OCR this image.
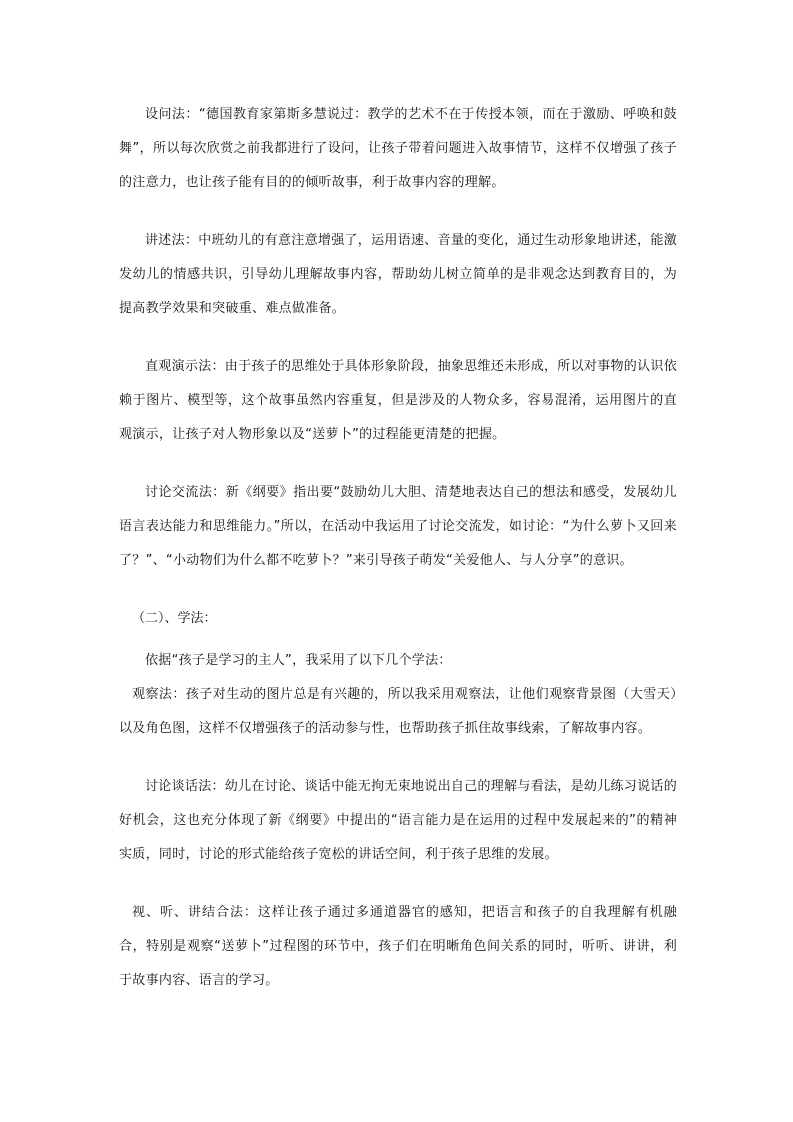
设问法：“德国教育家第斯多慧说过：教学的艺术不在于传授本领，而在于激励、呼唤和鼓舞”，所以每次欣赏之前我都进行了设问，让孩子带着问题进入故事情节，这样不仅增强了孩子的注意力，也让孩子能有目的的倾听故事，利于故事内容的理解。

讲述法：中班幼儿的有意注意增强了，运用语速、音量的变化，通过生动形象地讲述，能激发幼儿的情感共识，引导幼儿理解故事内容，帮助幼儿树立简单的是非观念达到教育目的，为提高教学效果和突破重、难点做准备。

直观演示法：由于孩子的思维处于具体形象阶段，抽象思维还未形成，所以对事物的认识依赖于图片、模型等，这个故事虽然内容重复，但是涉及的人物众多，容易混淆，运用图片的直观演示，让孩子对人物形象以及“送萝卜”的过程能更清楚的把握。

讨论交流法：新《纲要》指出要“鼓励幼儿大胆、清楚地表达自己的想法和感受，发展幼儿语言表达能力和思维能力。”所以，在活动中我运用了讨论交流发，如讨论：“为什么萝卜又回来了？”、“小动物们为什么都不吃萝卜？”来引导孩子萌发“关爱他人、与人分享”的意识。

（二）、学法：

依据“孩子是学习的主人”，我采用了以下几个学法：

观察法：孩子对生动的图片总是有兴趣的，所以我采用观察法，让他们观察背景图（大雪天）以及角色图，这样不仅增强孩子的活动参与性，也帮助孩子抓住故事线索，了解故事内容。

讨论谈话法：幼儿在讨论、谈话中能无拘无束地说出自己的理解与看法，是幼儿练习说话的好机会，这也充分体现了新《纲要》中提出的“语言能力是在运用的过程中发展起来的”的精神实质，同时，讨论的形式能给孩子宽松的讲话空间，利于孩子思维的发展。

视、听、讲结合法：这样让孩子通过多通道器官的感知，把语言和孩子的自我理解有机融合，特别是观察“送萝卜”过程图的环节中，孩子们在明晰角色间关系的同时，听听、讲讲，利于故事内容、语言的学习。
